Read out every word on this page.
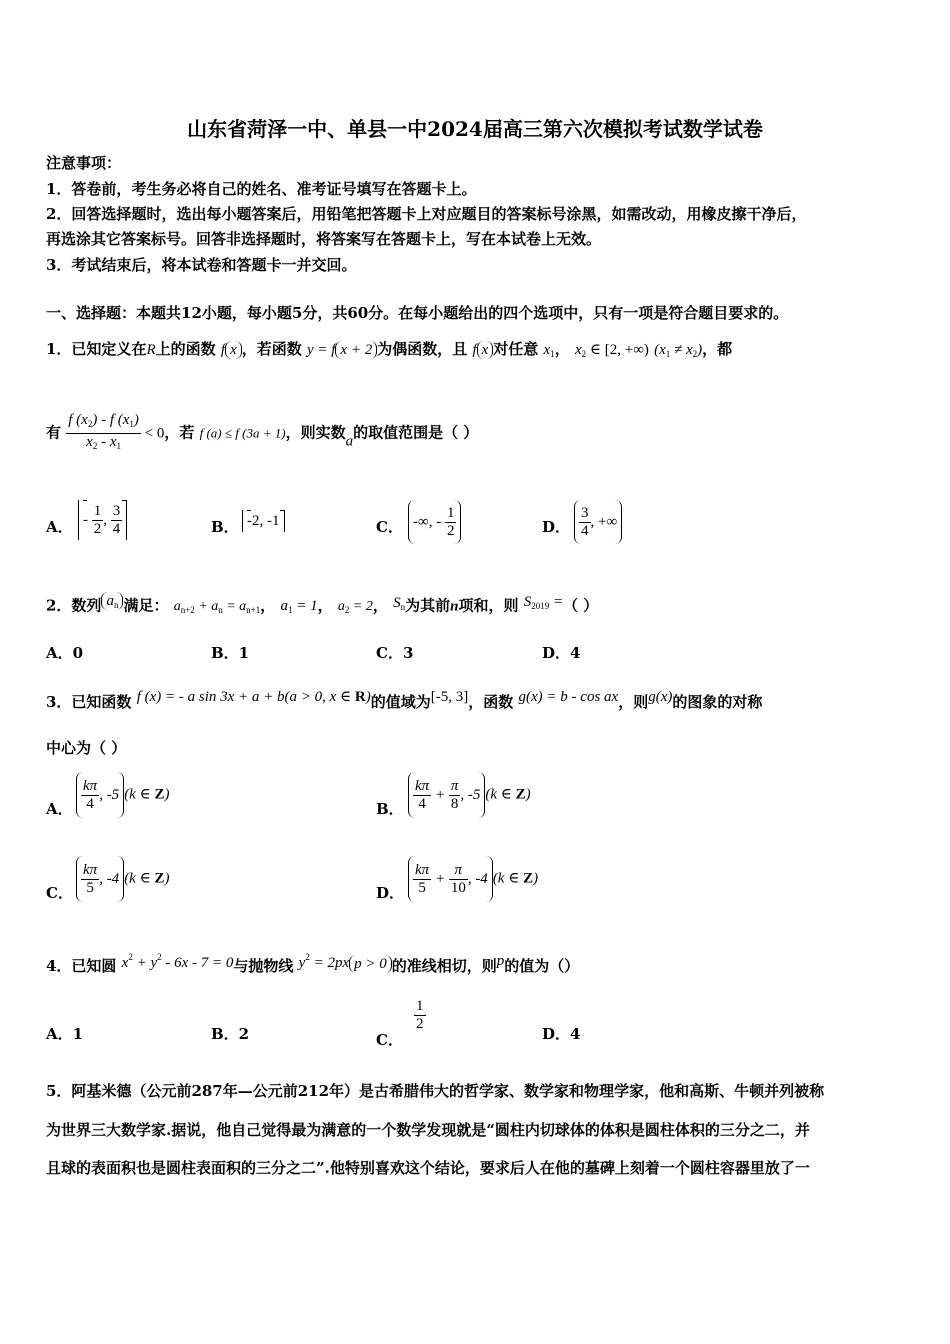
山东省菏泽一中、单县一中2024届高三第六次模拟考试数学试卷
注意事项：
1．答卷前，考生务必将自己的姓名、准考证号填写在答题卡上。
2．回答选择题时，选出每小题答案后，用铅笔把答题卡上对应题目的答案标号涂黑，如需改动，用橡皮擦干净后，
再选涂其它答案标号。回答非选择题时，将答案写在答题卡上，写在本试卷上无效。
3．考试结束后，将本试卷和答题卡一并交回。
一、选择题：本题共12小题，每小题5分，共60分。在每小题给出的四个选项中，只有一项是符合题目要求的。
1．已知定义在R上的函数 f x ，若函数 y = f x + 2 为偶函数，且 f x 对任意 $x_1$， $x_2$ ∈ [2, +∞) $(x_1 \ne x_2)$，都
有 $\frac{f (x_2) - f (x_1)}{x_2 - x_1} < 0$，若 f (a) ≤ f (3a + 1)，则实数a的取值范围是（ ）
A． - $\frac{1}{2}$ , $\frac{3}{4}$	B． -2, -1	C． -∞, - $\frac{1}{2}$	D． $\frac{3}{4}$ , +∞
2．数列 $a_n$ 满足： $a_{n+2} + a_n = a_{n+1}$， $a_1 = 1$， $a_2 = 2$， $S_n$为其前n项和，则 $S_{2019}$ =（ ）
A．0	B．1	C．3	D．4
3．已知函数 f (x) = - a sin 3x + a + b(a > 0, x ∈ R)的值域为[-5, 3]，函数 g(x) = b - cos ax，则g(x)的图象的对称
中心为（ ）
A． $\frac{k\pi}{4}$ , -5 (k ∈ Z)
B． $\frac{k\pi}{4} + \frac{\pi}{8}$ , -5 (k ∈ Z)
C． $\frac{k\pi}{5}$ , -4 (k ∈ Z)
D． $\frac{k\pi}{5} + \frac{\pi}{10}$ , -4 (k ∈ Z)
4．已知圆 $x^2 + y^2 - 6x - 7 = 0$与抛物线 $y^2 = 2px$ p > 0 的准线相切，则p的值为（）
A．1	B．2	C．
$\frac{1}{2}$
D．4
5．阿基米德（公元前287年—公元前212年）是古希腊伟大的哲学家、数学家和物理学家，他和高斯、牛顿并列被称
为世界三大数学家.据说，他自己觉得最为满意的一个数学发现就是“圆柱内切球体的体积是圆柱体积的三分之二，并
且球的表面积也是圆柱表面积的三分之二”.他特别喜欢这个结论，要求后人在他的墓碑上刻着一个圆柱容器里放了一
